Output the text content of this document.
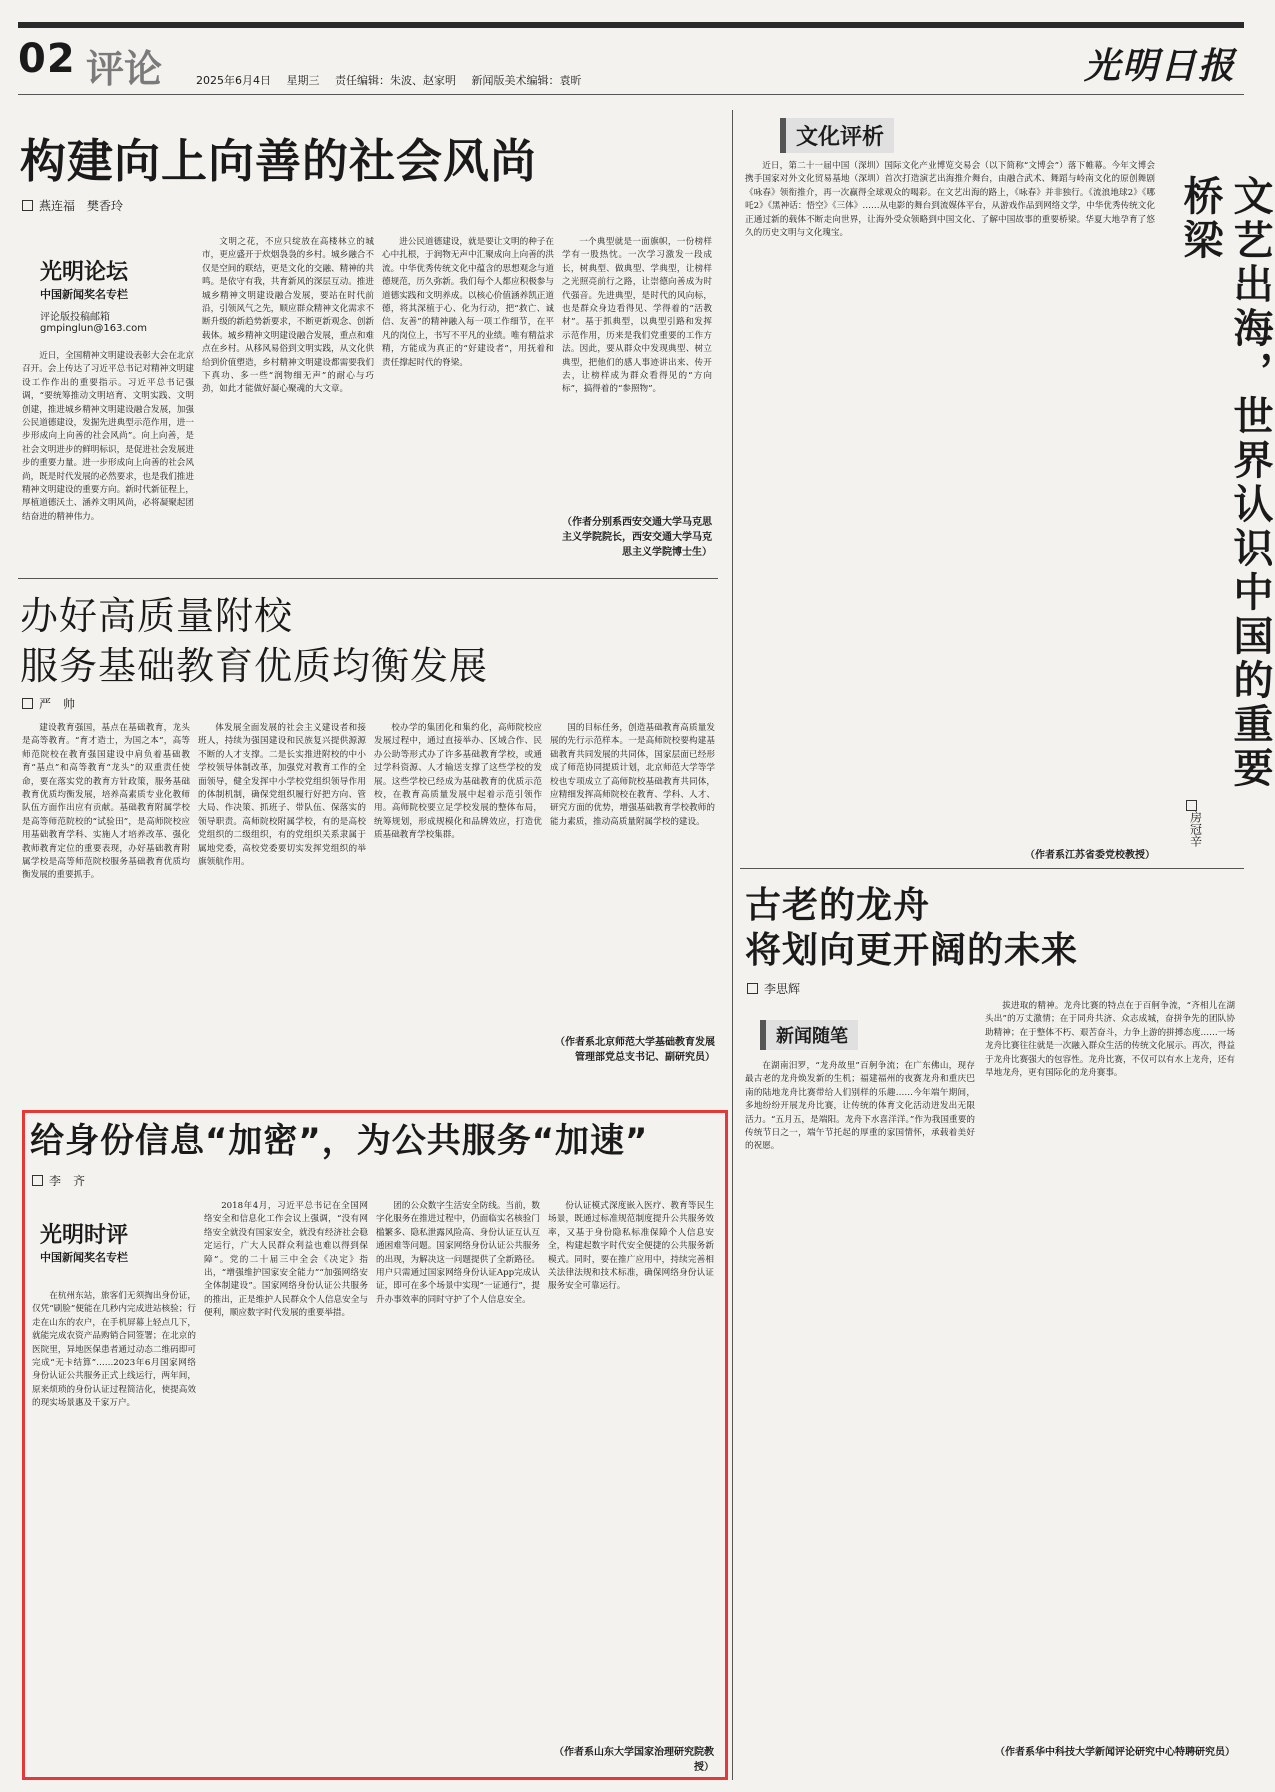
02 评论	2025年6月4日 星期三 责任编辑：朱波、赵家明 新闻版美术编辑：袁昕	光明日报
构建向上向善的社会风尚
燕连福　樊香玲
光明论坛
中国新闻奖名专栏
评论版投稿邮箱
gmpinglun@163.com

近日，全国精神文明建设表彰大会在北京召开。会上传达了习近平总书记对精神文明建设工作作出的重要指示。习近平总书记强调，“要统筹推动文明培育、文明实践、文明创建，推进城乡精神文明建设融合发展，加强公民道德建设，发掘先进典型示范作用，进一步形成向上向善的社会风尚”。向上向善，是社会文明进步的鲜明标识，是促进社会发展进步的重要力量。进一步形成向上向善的社会风尚，既是时代发展的必然要求，也是我们推进精神文明建设的重要方向。新时代新征程上，厚植道德沃土、涵养文明风尚，必将凝聚起团结奋进的精神伟力。

文明之花，不应只绽放在高楼林立的城市，更应盛开于炊烟袅袅的乡村。城乡融合不仅是空间的联结，更是文化的交融、精神的共鸣。是依守有我，共育新风的深层互动。推进城乡精神文明建设融合发展，要站在时代前沿，引领风气之先，顺应群众精神文化需求不断升级的新趋势新要求，不断更新观念、创新载体。城乡精神文明建设融合发展，重点和难点在乡村。从移风易俗到文明实践，从文化供给到价值塑造，乡村精神文明建设都需要我们下真功、多一些“润物细无声”的耐心与巧劲，如此才能做好凝心聚魂的大文章。

进公民道德建设，就是要让文明的种子在心中扎根，于润物无声中汇聚成向上向善的洪流。中华优秀传统文化中蕴含的思想观念与道德规范，历久弥新。我们每个人都应积极参与道德实践和文明养成。以核心价值涵养凯正道德，将其深植于心、化为行动，把“救亡、诚信、友善”的精神融入每一项工作细节，在平凡的岗位上，书写不平凡的业绩。唯有精益求精，方能成为真正的“好建设者”，用抚着和责任撑起时代的脊梁。

一个典型就是一面旗帜，一份榜样学有一股热忱。一次学习激发一段成长，树典型、做典型、学典型，让榜样之光照亮前行之路，让崇德向善成为时代强音。先进典型，是时代的风向标，也是群众身边看得见、学得着的“活教材”。基于抓典型，以典型引路和发挥示范作用，历来是我们党重要的工作方法。因此，要从群众中发现典型、树立典型，把他们的感人事迹讲出来、传开去，让榜样成为群众看得见的“方向标”，搞得着的“参照物”。

（作者分别系西安交通大学马克思主义学院院长，西安交通大学马克思主义学院博士生）
办好高质量附校
服务基础教育优质均衡发展
严　帅

建设教育强国，基点在基础教育，龙头是高等教育。“育才造士，为国之本”，高等师范院校在教育强国建设中肩负着基础教育“基点”和高等教育“龙头”的双重责任使命，要在落实党的教育方针政策，服务基础教育优质均衡发展，培养高素质专业化教师队伍方面作出应有贡献。基础教育附属学校是高等师范院校的“试验田”，是高师院校应用基础教育学科、实施人才培养改革、强化教师教育定位的重要表现，办好基础教育附属学校是高等师范院校服务基础教育优质均衡发展的重要抓手。

体发展全面发展的社会主义建设者和接班人，持续为强国建设和民族复兴提供源源不断的人才支撑。二是长实推进附校的中小学校领导体制改革，加强党对教育工作的全面领导，健全发挥中小学校党组织领导作用的体制机制，确保党组织履行好把方向、管大局、作决策、抓班子、带队伍、保落实的领导职责。高师院校附属学校，有的是高校党组织的二级组织，有的党组织关系隶属于属地党委，高校党委要切实发挥党组织的举旗领航作用。

校办学的集团化和集约化，高师院校应发展过程中，通过直接举办、区域合作、民办公助等形式办了许多基础教育学校，或通过学科资源、人才输送支撑了这些学校的发展。这些学校已经成为基础教育的优质示范校，在教育高质量发展中起着示范引领作用。高师院校要立足学校发展的整体布局，统筹规划，形成规模化和品牌效应，打造优质基础教育学校集群。

国的目标任务，创造基础教育高质量发展的先行示范样本。一是高师院校要构建基础教育共同发展的共同体，国家层面已经形成了师范协同提质计划，北京师范大学等学校也专项成立了高师院校基础教育共同体，应精细发挥高师院校在教育、学科、人才、研究方面的优势，增强基础教育学校教师的能力素质，推动高质量附属学校的建设。

（作者系北京师范大学基础教育发展管理部党总支书记、副研究员）
给身份信息“加密”，为公共服务“加速”
李　齐
光明时评
中国新闻奖名专栏

在杭州东站，旅客们无须掏出身份证，仅凭“刷脸”便能在几秒内完成进站核验；行走在山东的农户，在手机屏幕上轻点几下，就能完成农资产品购销合同签署；在北京的医院里，异地医保患者通过动态二维码即可完成“无卡结算”……2023年6月国家网络身份认证公共服务正式上线运行，两年间，原来烦琐的身份认证过程简洁化，使提高效的现实场景惠及千家万户。

2018年4月，习近平总书记在全国网络安全和信息化工作会议上强调，“没有网络安全就没有国家安全，就没有经济社会稳定运行，广大人民群众利益也难以得到保障”。党的二十届三中全会《决定》指出，“增强维护国家安全能力”“加强网络安全体制建设”。国家网络身份认证公共服务的推出，正是维护人民群众个人信息安全与便利，顺应数字时代发展的重要举措。

团的公众数字生活安全防线。当前，数字化服务在推进过程中，仍面临实名核验门槛繁多、隐私泄露风险高、身份认证互认互通困难等问题。国家网络身份认证公共服务的出现，为解决这一问题提供了全新路径。用户只需通过国家网络身份认证App完成认证，即可在多个场景中实现“一证通行”，提升办事效率的同时守护了个人信息安全。

份认证模式深度嵌入医疗、教育等民生场景，既通过标准规范制度提升公共服务效率，又基于身份隐私标准保障个人信息安全，构建起数字时代安全便捷的公共服务新模式。同时，要在推广应用中，持续完善相关法律法规和技术标准，确保网络身份认证服务安全可靠运行。

（作者系山东大学国家治理研究院教授）
文化评析
文艺出海，世界认识中国的重要桥梁
房冠辛

近日，第二十一届中国（深圳）国际文化产业博览交易会（以下简称“文博会”）落下帷幕。今年文博会携手国家对外文化贸易基地（深圳）首次打造演艺出海推介舞台，由融合武术、舞蹈与岭南文化的原创舞剧《咏春》领衔推介，再一次赢得全球观众的喝彩。在文艺出海的路上，《咏春》并非独行。《流浪地球2》《哪吒2》《黑神话：悟空》《三体》……从电影的舞台到流媒体平台，从游戏作品到网络文学，中华优秀传统文化正通过新的载体不断走向世界，让海外受众领略到中国文化、了解中国故事的重要桥梁。华夏大地孕育了悠久的历史文明与文化瑰宝。

（作者系江苏省委党校教授）
古老的龙舟
将划向更开阔的未来
李思辉
新闻随笔

在湖南汨罗，“龙舟故里”百舸争流；在广东佛山，现存最古老的龙舟焕发新的生机；福建福州的夜赛龙舟和重庆巴南的陆地龙舟比赛带给人们别样的乐趣……今年端午期间，多地纷纷开展龙舟比赛，让传统的体育文化活动迸发出无限活力。“五月五，是端阳。龙舟下水喜洋洋。”作为我国重要的传统节日之一，端午节托起的厚重的家国情怀，承载着美好的祝愿。

拔进取的精神。龙舟比赛的特点在于百舸争流，“齐相儿在湖头出”的万丈激情；在于同舟共济、众志成城，奋拼争先的团队协助精神；在于整体不朽、艰苦奋斗，力争上游的拼搏态度……一场龙舟比赛往往就是一次融入群众生活的传统文化展示。再次，得益于龙舟比赛强大的包容性。龙舟比赛，不仅可以有水上龙舟，还有旱地龙舟，更有国际化的龙舟赛事。

（作者系华中科技大学新闻评论研究中心特聘研究员）
